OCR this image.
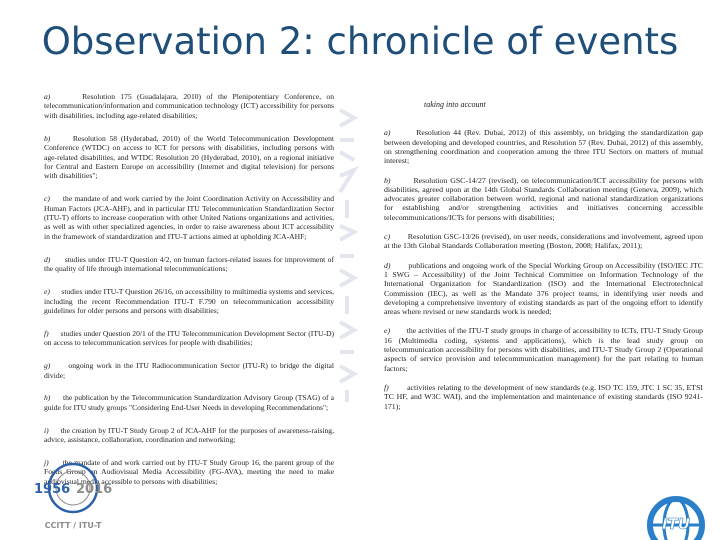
Observation 2: chronicle of events

a)	Resolution 175 (Guadalajara, 2010) of the Plenipotentiary Conference, on telecommunication/information and communication technology (ICT) accessibility for persons with disabilities, including age-related disabilities;

b)	Resolution 58 (Hyderabad, 2010) of the World Telecommunication Development Conference (WTDC) on access to ICT for persons with disabilities, including persons with age-related disabilities, and WTDC Resolution 20 (Hyderabad, 2010), on a regional initiative for Central and Eastern Europe on accessibility (Internet and digital television) for persons with disabilities";

c) the mandate of and work carried by the Joint Coordination Activity on Accessibility and Human Factors (JCA-AHF), and in particular ITU Telecommunication Standardization Sector (ITU-T) efforts to increase cooperation with other United Nations organizations and activities, as well as with other specialized agencies, in order to raise awareness about ICT accessibility in the framework of standardization and ITU-T actions aimed at upholding JCA-AHF;

d) studies under ITU-T Question 4/2, on human factors-related issues for improvement of the quality of life through international telecommunications;

e) studies under ITU-T Question 26/16, on accessibility to multimedia systems and services, including the recent Recommendation ITU-T F.790 on telecommunication accessibility guidelines for older persons and persons with disabilities;

f) studies under Question 20/1 of the ITU Telecommunication Development Sector (ITU-D) on access to telecommunication services for people with disabilities;

g) ongoing work in the ITU Radiocommunication Sector (ITU-R) to bridge the digital divide;

h) the publication by the Telecommunication Standardization Advisory Group (TSAG) of a guide for ITU study groups "Considering End-User Needs in developing Recommendations";

i) the creation by ITU-T Study Group 2 of JCA-AHF for the purposes of awareness-raising, advice, assistance, collaboration, coordination and networking;

j) the mandate of and work carried out by ITU-T Study Group 16, the parent group of the Focus Group on Audiovisual Media Accessibility (FG-AVA), meeting the need to make audiovisual media accessible to persons with disabilities;

taking into account

a)	Resolution 44 (Rev. Dubai, 2012) of this assembly, on bridging the standardization gap between developing and developed countries, and Resolution 57 (Rev. Dubai, 2012) of this assembly, on strengthening coordination and cooperation among the three ITU Sectors on matters of mutual interest;

b)	Resolution GSC-14/27 (revised), on telecommunication/ICT accessibility for persons with disabilities, agreed upon at the 14th Global Standards Collaboration meeting (Geneva, 2009), which advocates greater collaboration between world, regional and national standardization organizations for establishing and/or strengthening activities and initiatives concerning accessible telecommunications/ICTs for persons with disabilities;

c) Resolution GSC-13/26 (revised), on user needs, considerations and involvement, agreed upon at the 13th Global Standards Collaboration meeting (Boston, 2008; Halifax, 2011);

d) publications and ongoing work of the Special Working Group on Accessibility (ISO/IEC JTC 1 SWG – Accessibility) of the Joint Technical Committee on Information Technology of the International Organization for Standardization (ISO) and the International Electrotechnical Commission (IEC), as well as the Mandate 376 project teams, in identifying user needs and developing a comprehensive inventory of existing standards as part of the ongoing effort to identify areas where revised or new standards work is needed;

e) the activities of the ITU-T study groups in charge of accessibility to ICTs, ITU-T Study Group 16 (Multimedia coding, systems and applications), which is the lead study group on telecommunication accessibility for persons with disabilities, and ITU-T Study Group 2 (Operational aspects of service provision and telecommunication management) for the part relating to human factors;

f) activities relating to the development of new standards (e.g. ISO TC 159, JTC 1 SC 35, ETSI TC HF, and W3C WAI), and the implementation and maintenance of existing standards (ISO 9241-171);

1956 2016
CCITT / ITU-T	ITU
